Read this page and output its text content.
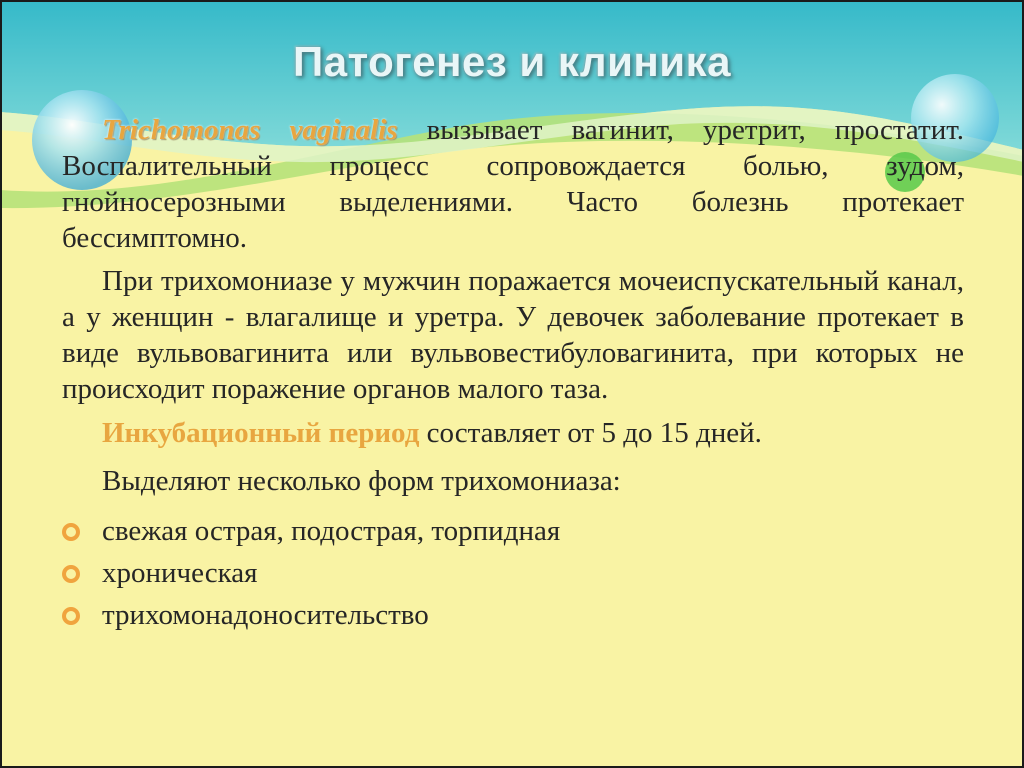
Патогенез и клиника

Trichomonas vaginalis вызывает вагинит, уретрит, простатит. Воспалительный процесс сопровождается болью, зудом, гнойносерозными выделениями. Часто болезнь протекает бессимптомно.

При трихомониазе у мужчин поражается мочеиспускательный канал, а у женщин - влагалище и уретра. У девочек заболевание протекает в виде вульвовагинита или вульвовестибуловагинита, при которых не происходит поражение органов малого таза.

Инкубационный период составляет от 5 до 15 дней.

Выделяют несколько форм трихомониаза:

свежая острая, подострая, торпидная
хроническая
трихомонадоносительство
